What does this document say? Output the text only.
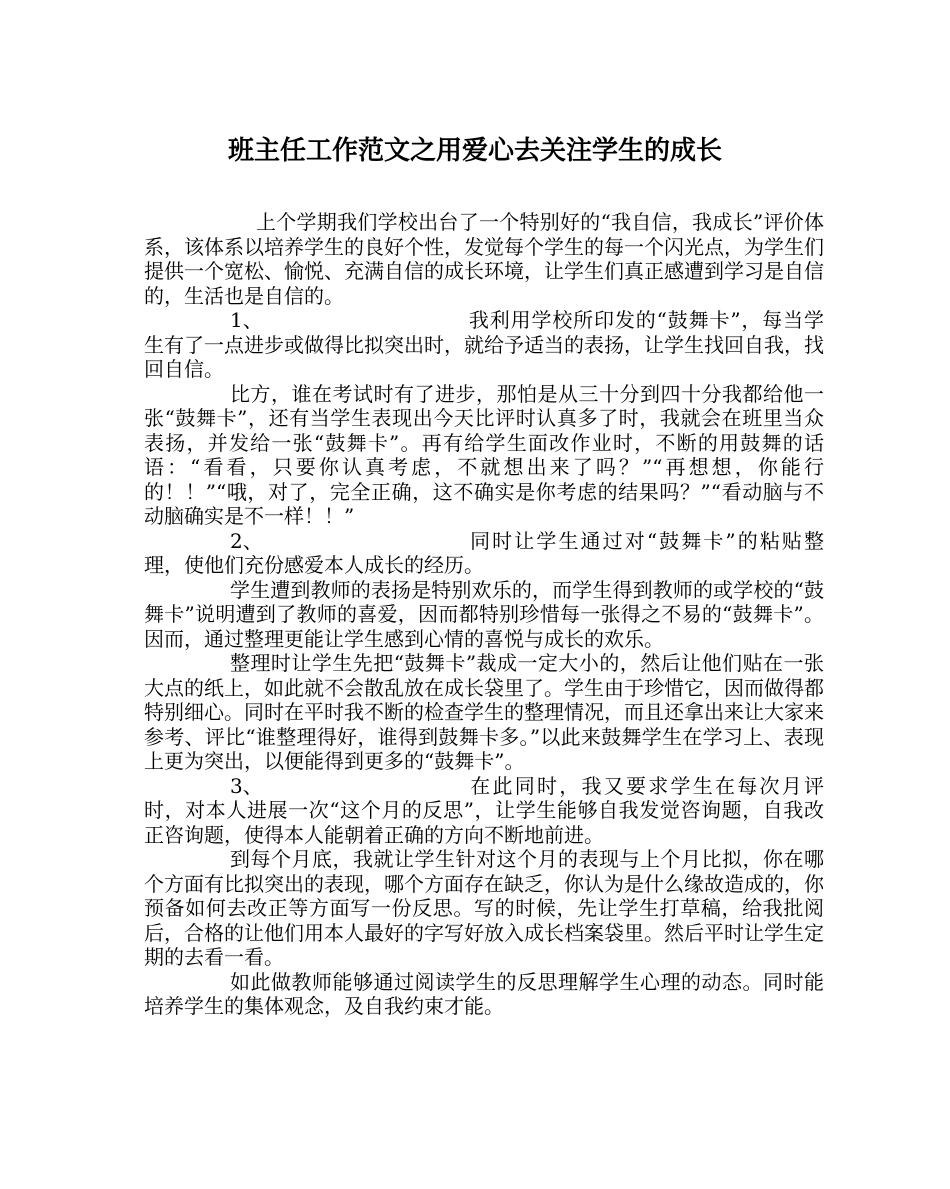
班主任工作范文之用爱心去关注学生的成长

上个学期我们学校出台了一个特别好的“我自信，我成长”评价体系，该体系以培养学生的良好个性，发觉每个学生的每一个闪光点，为学生们提供一个宽松、愉悦、充满自信的成长环境，让学生们真正感遭到学习是自信的，生活也是自信的。

1、	我利用学校所印发的“鼓舞卡”，每当学生有了一点进步或做得比拟突出时，就给予适当的表扬，让学生找回自我，找回自信。

比方，谁在考试时有了进步，那怕是从三十分到四十分我都给他一张“鼓舞卡”，还有当学生表现出今天比评时认真多了时，我就会在班里当众表扬，并发给一张“鼓舞卡”。再有给学生面改作业时，不断的用鼓舞的话语：“看看，只要你认真考虑，不就想出来了吗？”“再想想，你能行的！！”“哦，对了，完全正确，这不确实是你考虑的结果吗？”“看动脑与不动脑确实是不一样！！”

2、	同时让学生通过对“鼓舞卡”的粘贴整理，使他们充份感爱本人成长的经历。

学生遭到教师的表扬是特别欢乐的，而学生得到教师的或学校的“鼓舞卡”说明遭到了教师的喜爱，因而都特别珍惜每一张得之不易的“鼓舞卡”。因而，通过整理更能让学生感到心情的喜悦与成长的欢乐。

整理时让学生先把“鼓舞卡”裁成一定大小的，然后让他们贴在一张大点的纸上，如此就不会散乱放在成长袋里了。学生由于珍惜它，因而做得都特别细心。同时在平时我不断的检查学生的整理情况，而且还拿出来让大家来参考、评比“谁整理得好，谁得到鼓舞卡多。”以此来鼓舞学生在学习上、表现上更为突出，以便能得到更多的“鼓舞卡”。

3、	在此同时，我又要求学生在每次月评时，对本人进展一次“这个月的反思”，让学生能够自我发觉咨询题，自我改正咨询题，使得本人能朝着正确的方向不断地前进。

到每个月底，我就让学生针对这个月的表现与上个月比拟，你在哪个方面有比拟突出的表现，哪个方面存在缺乏，你认为是什么缘故造成的，你预备如何去改正等方面写一份反思。写的时候，先让学生打草稿，给我批阅后，合格的让他们用本人最好的字写好放入成长档案袋里。然后平时让学生定期的去看一看。

如此做教师能够通过阅读学生的反思理解学生心理的动态。同时能培养学生的集体观念，及自我约束才能。
